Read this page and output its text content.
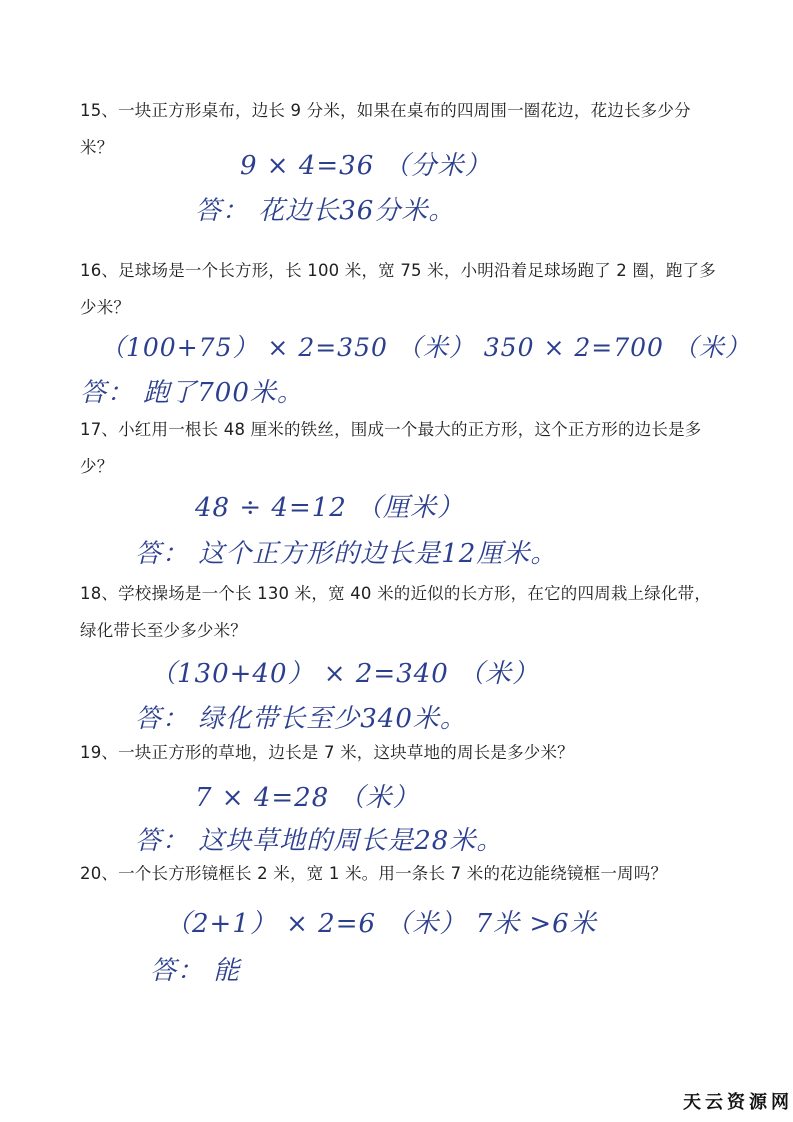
15、一块正方形桌布，边长 9 分米，如果在桌布的四周围一圈花边，花边长多少分米？
9 × 4=36 （分米）
答： 花边长36分米。
16、足球场是一个长方形，长 100 米，宽 75 米，小明沿着足球场跑了 2 圈，跑了多少米？
（100+75） × 2=350 （米） 350 × 2=700 （米）
答： 跑了700米。
17、小红用一根长 48 厘米的铁丝，围成一个最大的正方形，这个正方形的边长是多少？
48 ÷ 4=12 （厘米）
答： 这个正方形的边长是12厘米。
18、学校操场是一个长 130 米，宽 40 米的近似的长方形，在它的四周栽上绿化带，绿化带长至少多少米？
（130+40） × 2=340 （米）
答： 绿化带长至少340米。
19、一块正方形的草地，边长是 7 米，这块草地的周长是多少米？
7 × 4=28 （米）
答： 这块草地的周长是28米。
20、一个长方形镜框长 2 米，宽 1 米。用一条长 7 米的花边能绕镜框一周吗？
（2+1） × 2=6 （米） 7米 >6米
答： 能
天云资源网
